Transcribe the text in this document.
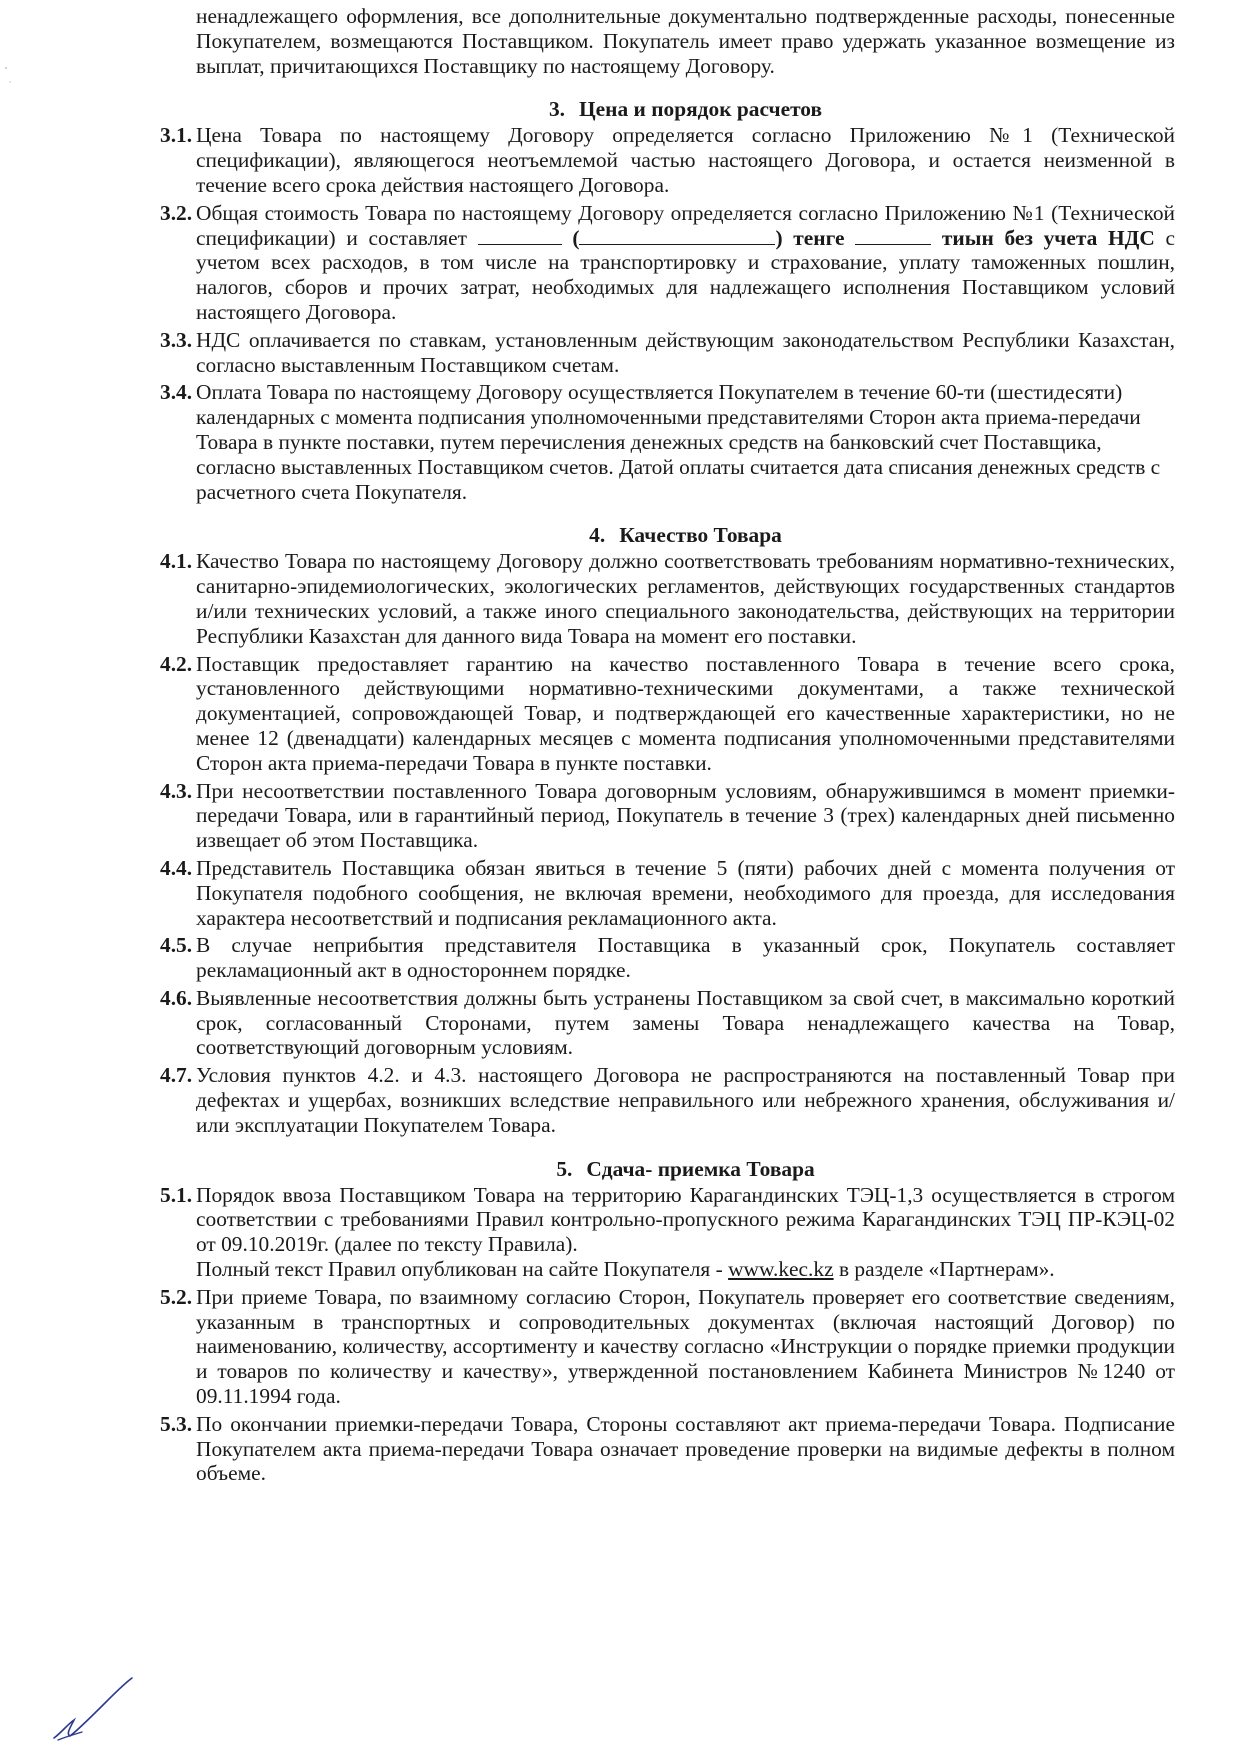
ненадлежащего оформления, все дополнительные документально подтвержденные расходы, понесенные Покупателем, возмещаются Поставщиком. Покупатель имеет право удержать указанное возмещение из выплат, причитающихся Поставщику по настоящему Договору.

3. Цена и порядок расчетов
3.1. Цена Товара по настоящему Договору определяется согласно Приложению №1 (Технической спецификации), являющегося неотъемлемой частью настоящего Договора, и остается неизменной в течение всего срока действия настоящего Договора.
3.2. Общая стоимость Товара по настоящему Договору определяется согласно Приложению №1 (Технической спецификации) и составляет	(	) тенге	тиын без учета НДС с учетом всех расходов, в том числе на транспортировку и страхование, уплату таможенных пошлин, налогов, сборов и прочих затрат, необходимых для надлежащего исполнения Поставщиком условий настоящего Договора.
3.3. НДС оплачивается по ставкам, установленным действующим законодательством Республики Казахстан, согласно выставленным Поставщиком счетам.
3.4. Оплата Товара по настоящему Договору осуществляется Покупателем в течение 60-ти (шестидесяти) календарных с момента подписания уполномоченными представителями Сторон акта приема-передачи Товара в пункте поставки, путем перечисления денежных средств на банковский счет Поставщика, согласно выставленных Поставщиком счетов. Датой оплаты считается дата списания денежных средств с расчетного счета Покупателя.
4. Качество Товара
4.1. Качество Товара по настоящему Договору должно соответствовать требованиям нормативно-технических, санитарно-эпидемиологических, экологических регламентов, действующих государственных стандартов и/или технических условий, а также иного специального законодательства, действующих на территории Республики Казахстан для данного вида Товара на момент его поставки.
4.2. Поставщик предоставляет гарантию на качество поставленного Товара в течение всего срока, установленного действующими нормативно-техническими документами, а также технической документацией, сопровождающей Товар, и подтверждающей его качественные характеристики, но не менее 12 (двенадцати) календарных месяцев с момента подписания уполномоченными представителями Сторон акта приема-передачи Товара в пункте поставки.
4.3. При несоответствии поставленного Товара договорным условиям, обнаружившимся в момент приемки-передачи Товара, или в гарантийный период, Покупатель в течение 3 (трех) календарных дней письменно извещает об этом Поставщика.
4.4. Представитель Поставщика обязан явиться в течение 5 (пяти) рабочих дней с момента получения от Покупателя подобного сообщения, не включая времени, необходимого для проезда, для исследования характера несоответствий и подписания рекламационного акта.
4.5. В случае неприбытия представителя Поставщика в указанный срок, Покупатель составляет рекламационный акт в одностороннем порядке.
4.6. Выявленные несоответствия должны быть устранены Поставщиком за свой счет, в максимально короткий срок, согласованный Сторонами, путем замены Товара ненадлежащего качества на Товар, соответствующий договорным условиям.
4.7. Условия пунктов 4.2. и 4.3. настоящего Договора не распространяются на поставленный Товар при дефектах и ущербах, возникших вследствие неправильного или небрежного хранения, обслуживания и/или эксплуатации Покупателем Товара.
5. Сдача- приемка Товара
5.1. Порядок ввоза Поставщиком Товара на территорию Карагандинских ТЭЦ-1,3 осуществляется в строгом соответствии с требованиями Правил контрольно-пропускного режима Карагандинских ТЭЦ ПР-КЭЦ-02 от 09.10.2019г. (далее по тексту Правила).
Полный текст Правил опубликован на сайте Покупателя - www.kec.kz в разделе «Партнерам».
5.2. При приеме Товара, по взаимному согласию Сторон, Покупатель проверяет его соответствие сведениям, указанным в транспортных и сопроводительных документах (включая настоящий Договор) по наименованию, количеству, ассортименту и качеству согласно «Инструкции о порядке приемки продукции и товаров по количеству и качеству», утвержденной постановлением Кабинета Министров №1240 от 09.11.1994 года.
5.3. По окончании приемки-передачи Товара, Стороны составляют акт приема-передачи Товара. Подписание Покупателем акта приема-передачи Товара означает проведение проверки на видимые дефекты в полном объеме.
